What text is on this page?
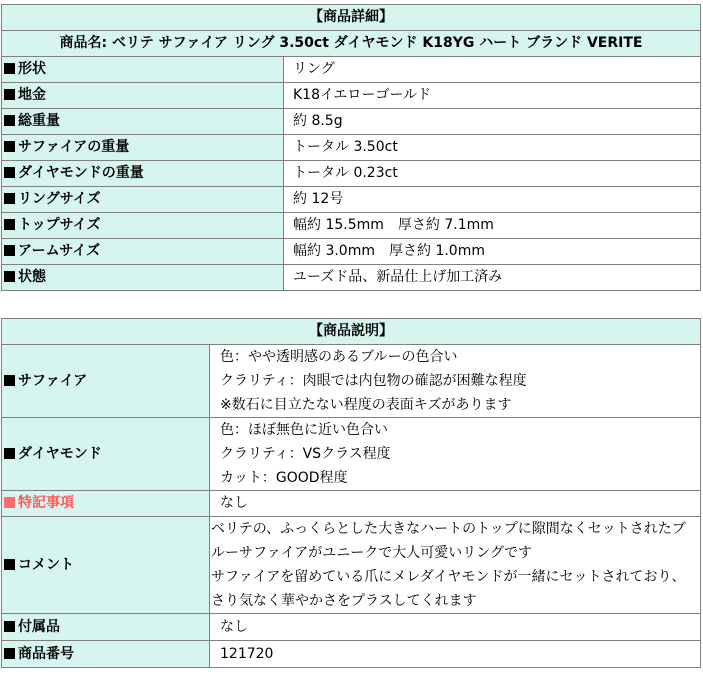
【商品詳細】	
商品名: ベリテ サファイア リング 3.50ct ダイヤモンド K18YG ハート ブランド VERITE	
形状	リング
地金	K18イエローゴールド
総重量	約 8.5g
サファイアの重量	トータル 3.50ct
ダイヤモンドの重量	トータル 0.23ct
リングサイズ	約 12号
トップサイズ	幅約 15.5mm　厚さ約 7.1mm
アームサイズ	幅約 3.0mm　厚さ約 1.0mm
状態	ユーズド品、新品仕上げ加工済み
【商品説明】	
サファイア	色：やや透明感のあるブルーの色合い
クラリティ：肉眼では内包物の確認が困難な程度
※数石に目立たない程度の表面キズがあります

ダイヤモンド	色：ほぼ無色に近い色合い
クラリティ：VSクラス程度
カット：GOOD程度

特記事項	なし
コメント	ベリテの、ふっくらとした大きなハートのトップに隙間なくセットされたブ
ルーサファイアがユニークで大人可愛いリングです
サファイアを留めている爪にメレダイヤモンドが一緒にセットされており、
さり気なく華やかさをプラスしてくれます

付属品	なし
商品番号	121720
